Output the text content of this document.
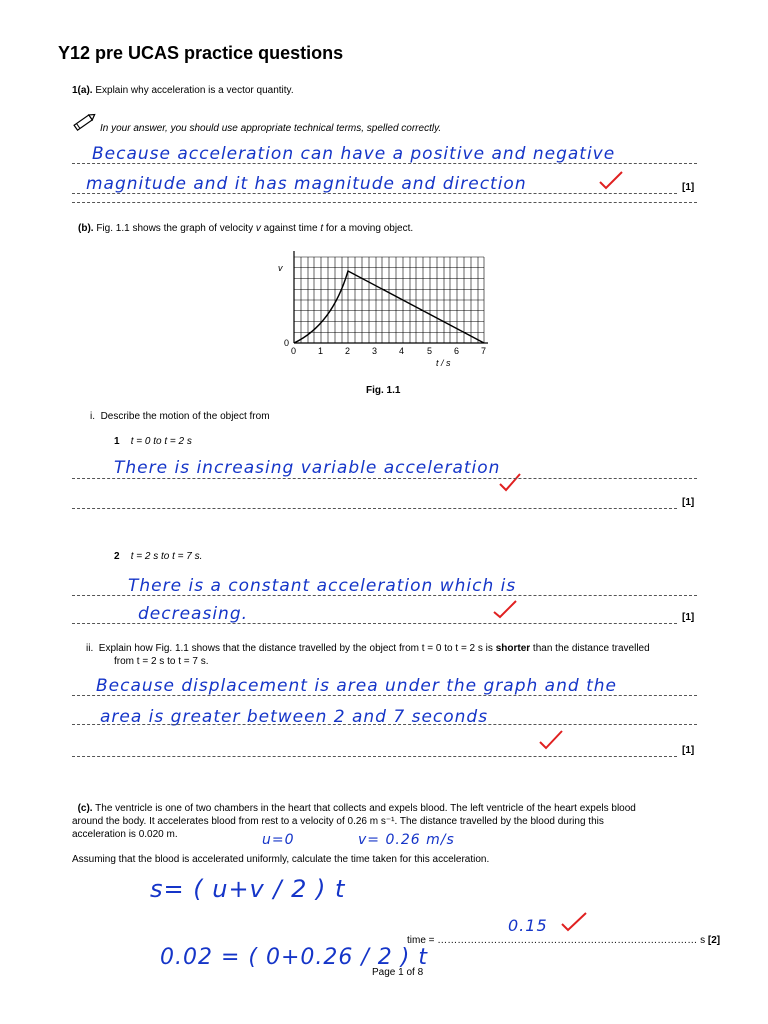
Y12 pre UCAS practice questions
1(a). Explain why acceleration is a vector quantity.
In your answer, you should use appropriate technical terms, spelled correctly.
Because acceleration can have a positive and negative
magnitude and it has magnitude and direction	[1]
(b). Fig. 1.1 shows the graph of velocity v against time t for a moving object.
v
0
0 1 2 3 4	5 6 7
t / s
Fig. 1.1
i. Describe the motion of the object from
1 t = 0 to t = 2 s
There is increasing variable acceleration
[1]
2 t = 2 s to t = 7 s.
There is a constant acceleration which is
decreasing.	[1]
ii. Explain how Fig. 1.1 shows that the distance travelled by the object from t = 0 to t = 2 s is shorter than the distance travelled
from t = 2 s to t = 7 s.
Because displacement is area under the graph and the
area is greater between 2 and 7 seconds
[1]
(c). The ventricle is one of two chambers in the heart that collects and expels blood. The left ventricle of the heart expels blood
around the body. It accelerates blood from rest to a velocity of 0.26 m s⁻¹. The distance travelled by the blood during this
acceleration is 0.020 m.	u=0	v= 0.26 m/s
Assuming that the blood is accelerated uniformly, calculate the time taken for this acceleration.
s= ( u+v / 2 ) t
0.02 = ( 0+0.26 / 2 ) t
0.15
time = …………………………………………………………………… s [2]
Page 1 of 8
